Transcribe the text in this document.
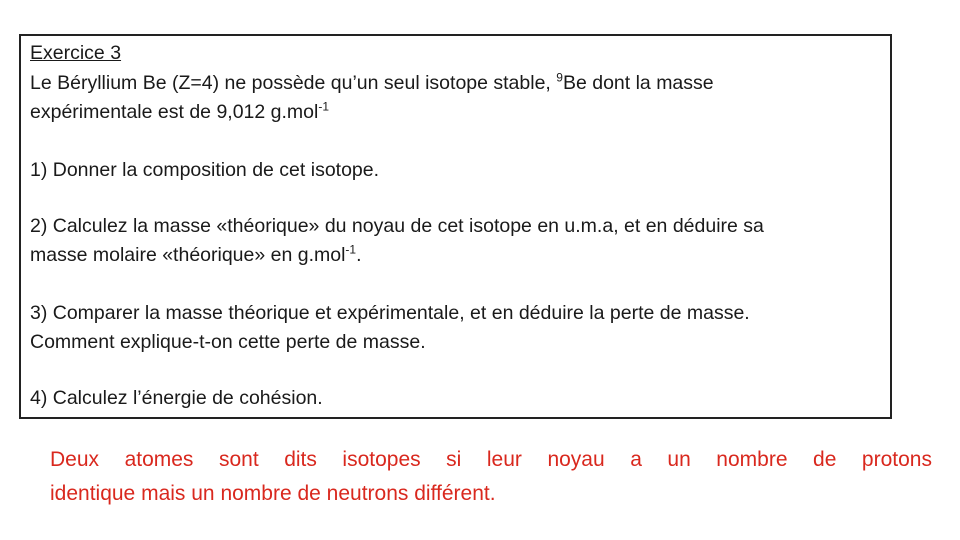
Exercice 3
Le Béryllium Be (Z=4) ne possède qu’un seul isotope stable, $^9$Be dont la masse
expérimentale est de 9,012 g.mol$^{-1}$
1) Donner la composition de cet isotope.
2) Calculez la masse «théorique» du noyau de cet isotope en u.m.a, et en déduire sa
masse molaire «théorique» en g.mol$^{-1}$.
3) Comparer la masse théorique et expérimentale, et en déduire la perte de masse.
Comment explique-t-on cette perte de masse.
4) Calculez l’énergie de cohésion.
Deux atomes sont dits isotopes si leur noyau a un nombre de protons
identique mais un nombre de neutrons différent.
